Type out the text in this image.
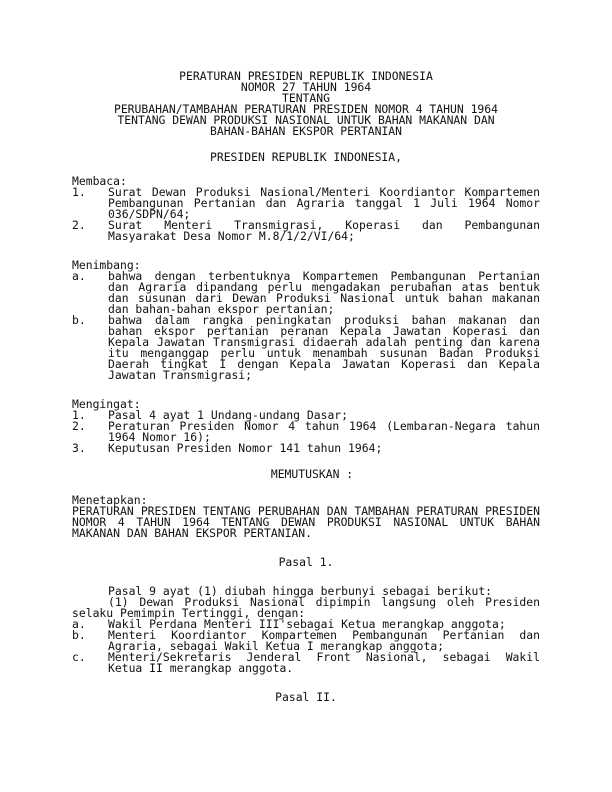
PERATURAN PRESIDEN REPUBLIK INDONESIA
NOMOR 27 TAHUN 1964
TENTANG
PERUBAHAN/TAMBAHAN PERATURAN PRESIDEN NOMOR 4 TAHUN 1964
TENTANG DEWAN PRODUKSI NASIONAL UNTUK BAHAN MAKANAN DAN
BAHAN-BAHAN EKSPOR PERTANIAN
PRESIDEN REPUBLIK INDONESIA,
Membaca:
1.	Surat Dewan Produksi Nasional/Menteri Koordiantor Kompartemen Pembangunan Pertanian dan Agraria tanggal 1 Juli 1964 Nomor 036/SDPN/64;
2.	Surat Menteri Transmigrasi, Koperasi dan Pembangunan Masyarakat Desa Nomor M.8/1/2/VI/64;
Menimbang:
a.	bahwa dengan terbentuknya Kompartemen Pembangunan Pertanian dan Agraria dipandang perlu mengadakan perubahan atas bentuk dan susunan dari Dewan Produksi Nasional untuk bahan makanan dan bahan-bahan ekspor pertanian;
b.	bahwa dalam rangka peningkatan produksi bahan makanan dan bahan ekspor pertanian peranan Kepala Jawatan Koperasi dan Kepala Jawatan Transmigrasi didaerah adalah penting dan karena itu menganggap perlu untuk menambah susunan Badan Produksi Daerah tingkat I dengan Kepala Jawatan Koperasi dan Kepala Jawatan Transmigrasi;
Mengingat:
1.	Pasal 4 ayat 1 Undang-undang Dasar;
2.	Peraturan Presiden Nomor 4 tahun 1964 (Lembaran-Negara tahun 1964 Nomor 16);
3.	Keputusan Presiden Nomor 141 tahun 1964;
MEMUTUSKAN :
Menetapkan:

PERATURAN PRESIDEN TENTANG PERUBAHAN DAN TAMBAHAN PERATURAN PRESIDEN NOMOR 4 TAHUN 1964 TENTANG DEWAN PRODUKSI NASIONAL UNTUK BAHAN MAKANAN DAN BAHAN EKSPOR PERTANIAN.

Pasal 1.

Pasal 9 ayat (1) diubah hingga berbunyi sebagai berikut:

(1) Dewan Produksi Nasional dipimpin langsung oleh Presiden selaku Pemimpin Tertinggi, dengan:

a.	Wakil Perdana Menteri III'sebagai Ketua merangkap anggota;
b.	Menteri Koordiantor Kompartemen Pembangunan Pertanian dan Agraria, sebagai Wakil Ketua I merangkap anggota;
c.	Menteri/Sekretaris Jenderal Front Nasional, sebagai Wakil Ketua II merangkap anggota.
Pasal II.
